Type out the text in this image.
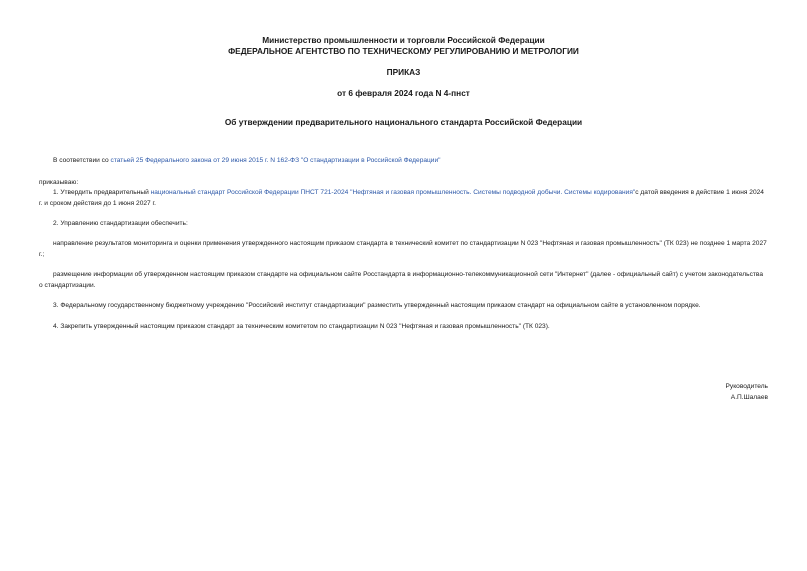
Министерство промышленности и торговли Российской Федерации
ФЕДЕРАЛЬНОЕ АГЕНТСТВО ПО ТЕХНИЧЕСКОМУ РЕГУЛИРОВАНИЮ И МЕТРОЛОГИИ
ПРИКАЗ
от 6 февраля 2024 года N 4-пнст
Об утверждении предварительного национального стандарта Российской Федерации

В соответствии со статьей 25 Федерального закона от 29 июня 2015 г. N 162-ФЗ "О стандартизации в Российской Федерации"

приказываю:

1. Утвердить предварительный национальный стандарт Российской Федерации ПНСТ 721-2024 "Нефтяная и газовая промышленность. Системы подводной добычи. Системы кодирования"с датой введения в действие 1 июня 2024 г. и сроком действия до 1 июня 2027 г.

2. Управлению стандартизации обеспечить:

направление результатов мониторинга и оценки применения утвержденного настоящим приказом стандарта в технический комитет по стандартизации N 023 "Нефтяная и газовая промышленность" (ТК 023) не позднее 1 марта 2027 г.;

размещение информации об утвержденном настоящим приказом стандарте на официальном сайте Росстандарта в информационно-телекоммуникационной сети "Интернет" (далее - официальный сайт) с учетом законодательства о стандартизации.

3. Федеральному государственному бюджетному учреждению "Российский институт стандартизации" разместить утвержденный настоящим приказом стандарт на официальном сайте в установленном порядке.

4. Закрепить утвержденный настоящим приказом стандарт за техническим комитетом по стандартизации N 023 "Нефтяная и газовая промышленность" (ТК 023).

Руководитель
А.П.Шалаев
